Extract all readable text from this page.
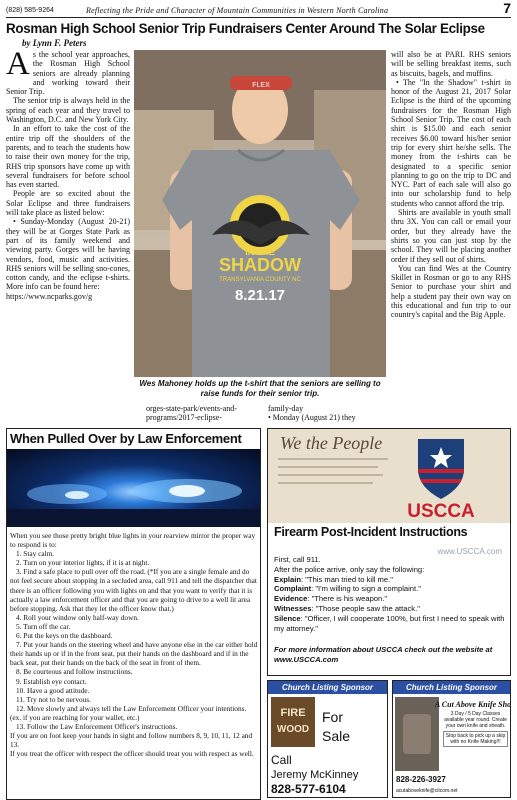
(828) 585-9264	Reflecting the Pride and Character of Mountain Communities in Western North Carolina	7
Rosman High School Senior Trip Fundraisers Center Around The Solar Eclipse
by Lynn F. Peters

As the school year approaches, the Rosman High School seniors are already planning and working toward their Senior Trip.

The senior trip is always held in the spring of each year and they travel to Washington, D.C. and New York City.

In an effort to take the cost of the entire trip off the shoulders of the parents, and to teach the students how to raise their own money for the trip, RHS trip sponsors have come up with several fundraisers for before school has even started.

People are so excited about the Solar Eclipse and three fundraisers will take place as listed below:

• Sunday-Monday (August 20-21) they will be at Gorges State Park as part of its family weekend and viewing party. Gorges will be having vendors, food, music and activities. RHS seniors will be selling sno-cones, cotton candy, and the eclipse t-shirts. More info can be found here:

https://www.ncparks.gov/g

orges-state-park/events-and-programs/2017-eclipse-
family-day
• Monday (August 21) they
FLEX
IN THE
SHADOW
TRANSYLVANIA COUNTY NC
8.21.17
Wes Mahoney holds up the t-shirt that the seniors are selling to raise funds for their senior trip.

will also be at PARI. RHS seniors will be selling breakfast items, such as biscuits, bagels, and muffins.

• The "In the Shadow" t-shirt in honor of the August 21, 2017 Solar Eclipse is the third of the upcoming fundraisers for the Rosman High School Senior Trip. The cost of each shirt is $15.00 and each senior receives $6.00 toward his/her senior trip for every shirt he/she sells. The money from the t-shirts can be designated to a specific senior planning to go on the trip to DC and NYC. Part of each sale will also go into our scholarship fund to help students who cannot afford the trip.

Shirts are available in youth small thru 3X. You can call or email your order, but they already have the shirts so you can just stop by the school. They will be placing another order if they sell out of shirts.

You can find Wes at the Country Skillet in Rosman or go to any RHS Senior to purchase your shirt and help a student pay their own way on this educational and fun trip to our country's capital and the Big Apple.

When Pulled Over by Law Enforcement

When you see those pretty bright blue lights in your rearview mirror the proper way to respond is to:

1. Stay calm.

2. Turn on your interior lights, if it is at night.

3. Find a safe place to pull over off the road. (*If you are a single female and do not feel secure about stopping in a secluded area, call 911 and tell the dispatcher that there is an officer following you with lights on and that you want to verify that it is actually a law enforcement officer and that you are going to drive to a well lit area before stopping. Ask that they let the officer know that.)

4. Roll your window only half-way down.

5. Turn off the car.

6. Put the keys on the dashboard.

7. Put your hands on the steering wheel and have anyone else in the car either hold their hands up or if in the front seat, put their hands on the dashboard and if in the back seat, put their hands on the back of the seat in front of them.

8. Be courteous and follow instructions.

9. Establish eye contact.

10. Have a good attitude.

11. Try not to be nervous.

12. Move slowly and always tell the Law Enforcement Officer your intentions. (ex. if you are reaching for your wallet, etc.)

13. Follow the Law Enforcement Officer's instructions.

If you are on foot keep your hands in sight and follow numbers 8, 9, 10, 11, 12 and 13.

If you treat the officer with respect the officer should treat you with respect as well.

We the People
USCCA
Firearm Post-Incident Instructions
www.USCCA.com

First, call 911.

After the police arrive, only say the following:

Explain: "This man tried to kill me."

Complaint: "I'm willing to sign a complaint."

Evidence: "There is his weapon."

Witnesses: "Those people saw the attack."

Silence: "Officer, I will cooperate 100%, but first I need to speak with my attorney."

For more information about USCCA check out the website at www.USCCA.com
Church Listing Sponsor
FIRE
WOOD
For
Sale
Call
Jeremy McKinney
828-577-6104
Church Listing Sponsor
A Cut Above Knife Shop
3 Day / 5 Day Classes available year round. Create your own knife and sheath.
Stop back to pick up a skip with no Knife Making!!!
828-226-3927
acutaboveknife@citcom.net
